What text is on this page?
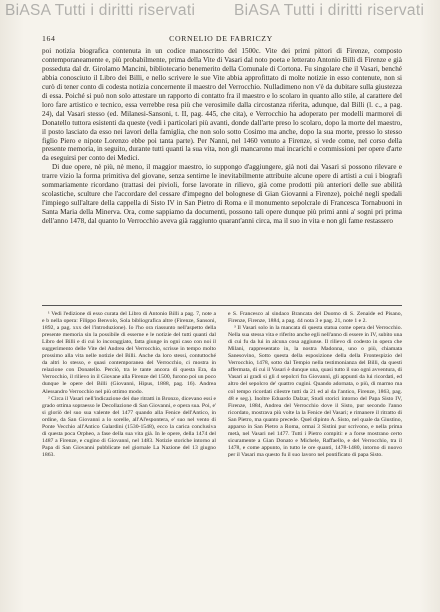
BiASA Tutti i diritti riservati	BiASA Tutti i diritti riservati
164	CORNELIO DE FABRICZY

poi notizia biografica contenuta in un codice manoscritto del 1500c. Vite dei primi pittori di Firenze, composto contemporaneamente e, più probabilmente, prima della Vite di Vasari dal noto poeta e letterato Antonio Billi di Firenze e già posseduta dal dr. Girolamo Mancini, bibliotecario benemerito della Comunale di Cortona. Fu singolare che il Vasari, benché abbia conosciuto il Libro dei Billi, e nello scrivere le sue Vite abbia approfittato di molte notizie in esso contenute, non si curò di tener conto di codesta notizia concernente il maestro del Verrocchio. Nulladimeno non v'è da dubitare sulla giustezza di essa. Poiché si può non solo attestare un rapporto di contatto fra il maestro e lo scolaro in quanto allo stile, al carattere del loro fare artistico e tecnico, essa verrebbe resa più che verosimile dalla circostanza riferita, adunque, dal Billi (l. c., a pag. 24), dal Vasari stesso (ed. Milanesi-Sansoni, t. II, pag. 445, che cita), e Verrocchio ha adoperato per modelli marmorei di Donatello tuttora esistenti da queste (vedi i particolari più avanti, donde dall'arte preso lo scolaro, dopo la morte del maestro, il posto lasciato da esso nei lavori della famiglia, che non solo sotto Cosimo ma anche, dopo la sua morte, presso lo stesso figlio Piero e nipote Lorenzo ebbe poi tanta parte). Per Nanni, nel 1460 venuto a Firenze, si vede come, nel corso della presente memoria, in seguito, durante tutti quanti la sua vita, non gli mancarono mai incarichi e commissioni per opere d'arte da eseguirsi per conto dei Medici.

Di due opere, nè più, nè meno, il maggior maestro, io suppongo d'aggiungere, già noti dai Vasari si possono rilevare e trarre vizio la forma primitiva del giovane, senza sentirne le inevitabilmente attribuite alcune opere di artisti a cui i biografi sommariamente ricordano (trattasi dei pivioli, forse lavorate in rilievo, già come prodotti più anteriori delle sue abilità scolastiche, sculture che l'accordare del cessare d'impegno del bolognese di Gian Giovanni a Firenze), poiché negli spedali l'impiego sull'altare della cappella di Sisto IV in San Pietro di Roma e il monumento sepolcrale di Francesca Tornabuoni in Santa Maria della Minerva. Ora, come sappiamo da documenti, possono tali opere dunque più primi anni a' sogni pri prima dell'anno 1478, dal quanto lo Verrocchio aveva già raggiunto quarant'anni circa, ma il suo in vita e non gli fame restassero

¹ Vedi l'edizione di esso curata del Libro di Antonio Billi a pag. 7, note a e b nella opera: Filippo Benvolo, Sola bibliografica altre (Firenze, Sansoni, 1892, a pag. xxx del l'introduzione). Io l'ho ora riassunto nell'aspetto della presente memoria sin la possibile di esserne e le notizie del tutti quanti dal Libro del Billi e di cui lo incoraggiato, fatta giunge in ogni caso con noi il suggerimento delle Vite del Andrea del Verrocchio, scrisse in tempo molto prossimo alla vita nelle notizie del Billi. Anche da loro stessi, contuttoché da altri lo stesso, e quasi contemporanea del Verrocchio, ci mostra in relazione con Donatello. Perciò, tra le tante ancora di questa Era, da Verrocchio, il rilievo in il Giovane alla Firenze del 1500, furono poi un poco dunque le opere del Billi (Giovanni, Hipus, 1888, pag. 16). Andrea Alessandro Verrocchio nel più ottimo modo.

² Circa il Vasari nell'indicazione dei due ritratti in Bronzo, dicevano essi e grado ottima sopraesso le Decollazione di San Giovanni, e opera sua. Poi, e' si gloriò del suo sua valente del 1477 quando alla Fenice dell'Antico, in ordine, da San Giovanni a lo sorelle, all'Al'espontera, e' suo nel vento di Ponte Vecchio all'Antico Galardini (1530-1548), ecco la carica conclusiva di questa poca Orpheo, a fase della sua vita già. In le opere, della 1474 del 1487 a Firenze, e cugino di Giovanni, nel 1483. Notizie storiche intorno al Papa di San Giovanni pubblicate nel giornale La Nazione del 13 giugno 1863.

e S. Francesco al sindaco Brancata del Duomo di S. Zenaide ed Pisano, Firenze, Firenze, 1884, a pag. 44 nota 3 e pag. 21, note 1 e 2.

³ Il Vasari solo in la mancata di questa statua come opera del Verrocchio. Nella sua stessa vita e riferito anche egli nell'anno di essere in IV, subito una di cui fu da lui in alcuna cosa aggiunse. Il rilievo di codesto in opera che Milani, rappresentato in, la nostra Madonna, uno o più, chiamata Sanesovino, Sotto questa della esposizione della della Frontespizio del Verrocchio, 1478, sotto dal Tempio nella testimonianza del Billi, da questi affermata, di cui il Vasari è dunque una, quasi tutto il suo ogni avventura, di Vasari ai gradi si gli 4 sepolcri fra Giovanni, gli appunti da lui ricordati, ed altro del sepolcro de' quattro cugini. Quando adornata, o più, di marmo ma col tempo ricordati cilestre tutti da 21 ed al da l'antico, Firenze, 1863, pag. 48 e seg.). Inoltre Eduardo Dalzar, Studi storici intorno del Papa Sisto IV, Firenze, 1884, Andrea del Verrocchio dove il Sisto, pur secondo l'anno ricordato, mostrava più volte la la Fenice del Vasari; e rimanere il ritratto di San Pietro, ma quanto precede. Quel dipinto A. Sisto, nel quale da Giustino, apparso in San Pietro a Roma, ormai 3 Sistini pur scrivono, e nella prima metà, nel Vasari nel 1477. Tutti i Pietro compiti: e a forse mostrano certo sicuramente a Gian Donato e Michele, Raffaello, e del Verrocchio, tra il 1478, e come appunto, in tutto le ore quanti, 1478-1480, intorno di nuovo per il Vasari ma questo fu il suo lavoro nel pontificato di papa Sisto.
